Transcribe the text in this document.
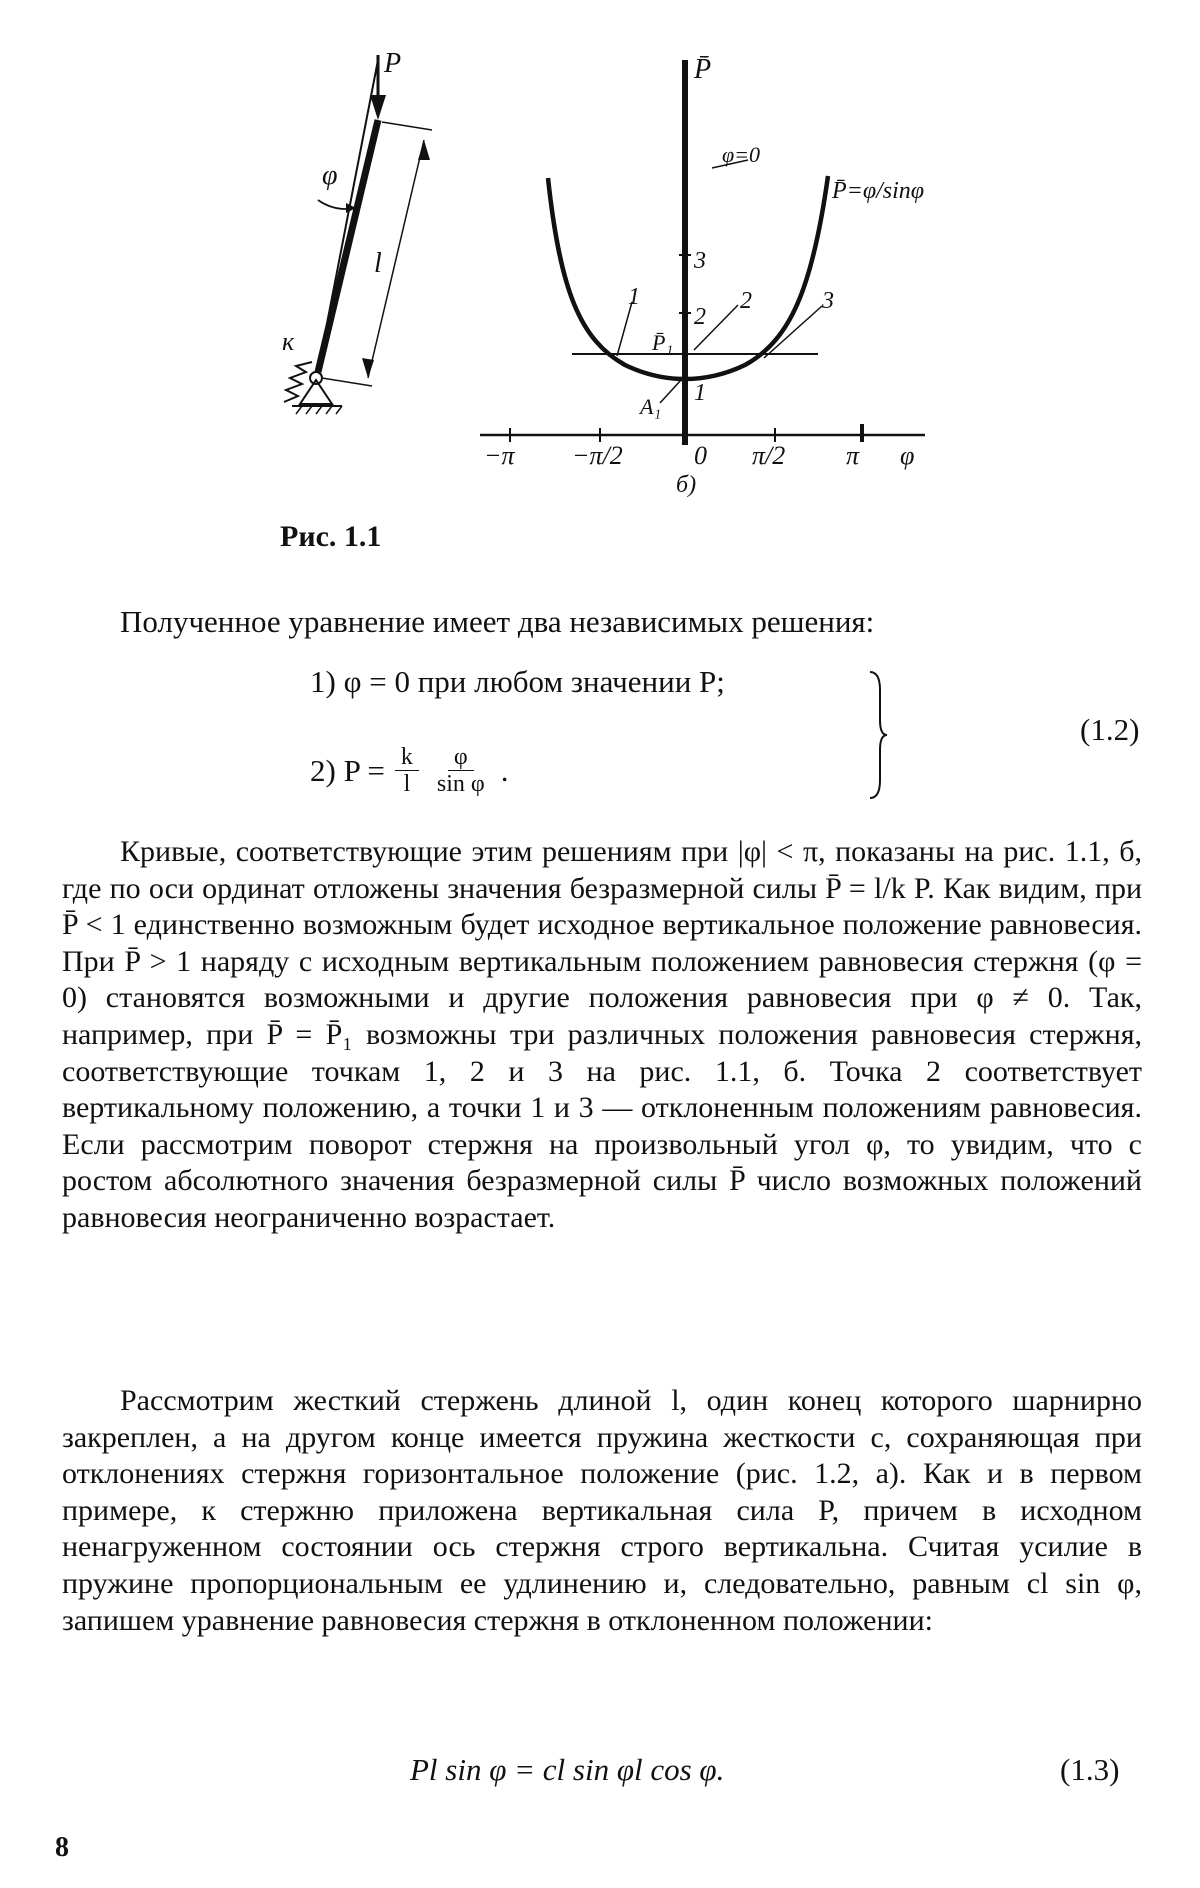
P
φ
l
к
P̄
φ=0
P̄=φ/sinφ
3
2
1
P̄₁
A₁
1	2	3
−π −π/2	0 π/2 π φ
б)
Рис. 1.1
Полученное уравнение имеет два независимых решения:
1) φ = 0 при любом значении P;
2) $P = \frac{k}{l} \frac{\varphi}{\text{sin φ}}$ .
(1.2)

Кривые, соответствующие этим решениям при |φ| < π, показаны на рис. 1.1, б, где по оси ординат отложены значения безразмерной силы P̄ = l/k P. Как видим, при P̄ < 1 единственно возможным будет исходное вертикальное положение равновесия. При P̄ > 1 наряду с исходным вертикальным положением равновесия стержня (φ = 0) становятся возможными и другие положения равновесия при φ ≠ 0. Так, например, при P̄ = P̄₁ возможны три различных положения равновесия стержня, соответствующие точкам 1, 2 и 3 на рис. 1.1, б. Точка 2 соответствует вертикальному положению, а точки 1 и 3 — отклоненным положениям равновесия. Если рассмотрим поворот стержня на произвольный угол φ, то увидим, что с ростом абсолютного значения безразмерной силы P̄ число возможных положений равновесия неограниченно возрастает.

Рассмотрим жесткий стержень длиной l, один конец которого шарнирно закреплен, а на другом конце имеется пружина жесткости c, сохраняющая при отклонениях стержня горизонтальное положение (рис. 1.2, а). Как и в первом примере, к стержню приложена вертикальная сила P, причем в исходном ненагруженном состоянии ось стержня строго вертикальна. Считая усилие в пружине пропорциональным ее удлинению и, следовательно, равным cl sin φ, запишем уравнение равновесия стержня в отклоненном положении:

Pl sin φ = cl sin φl cos φ.	(1.3)
8
